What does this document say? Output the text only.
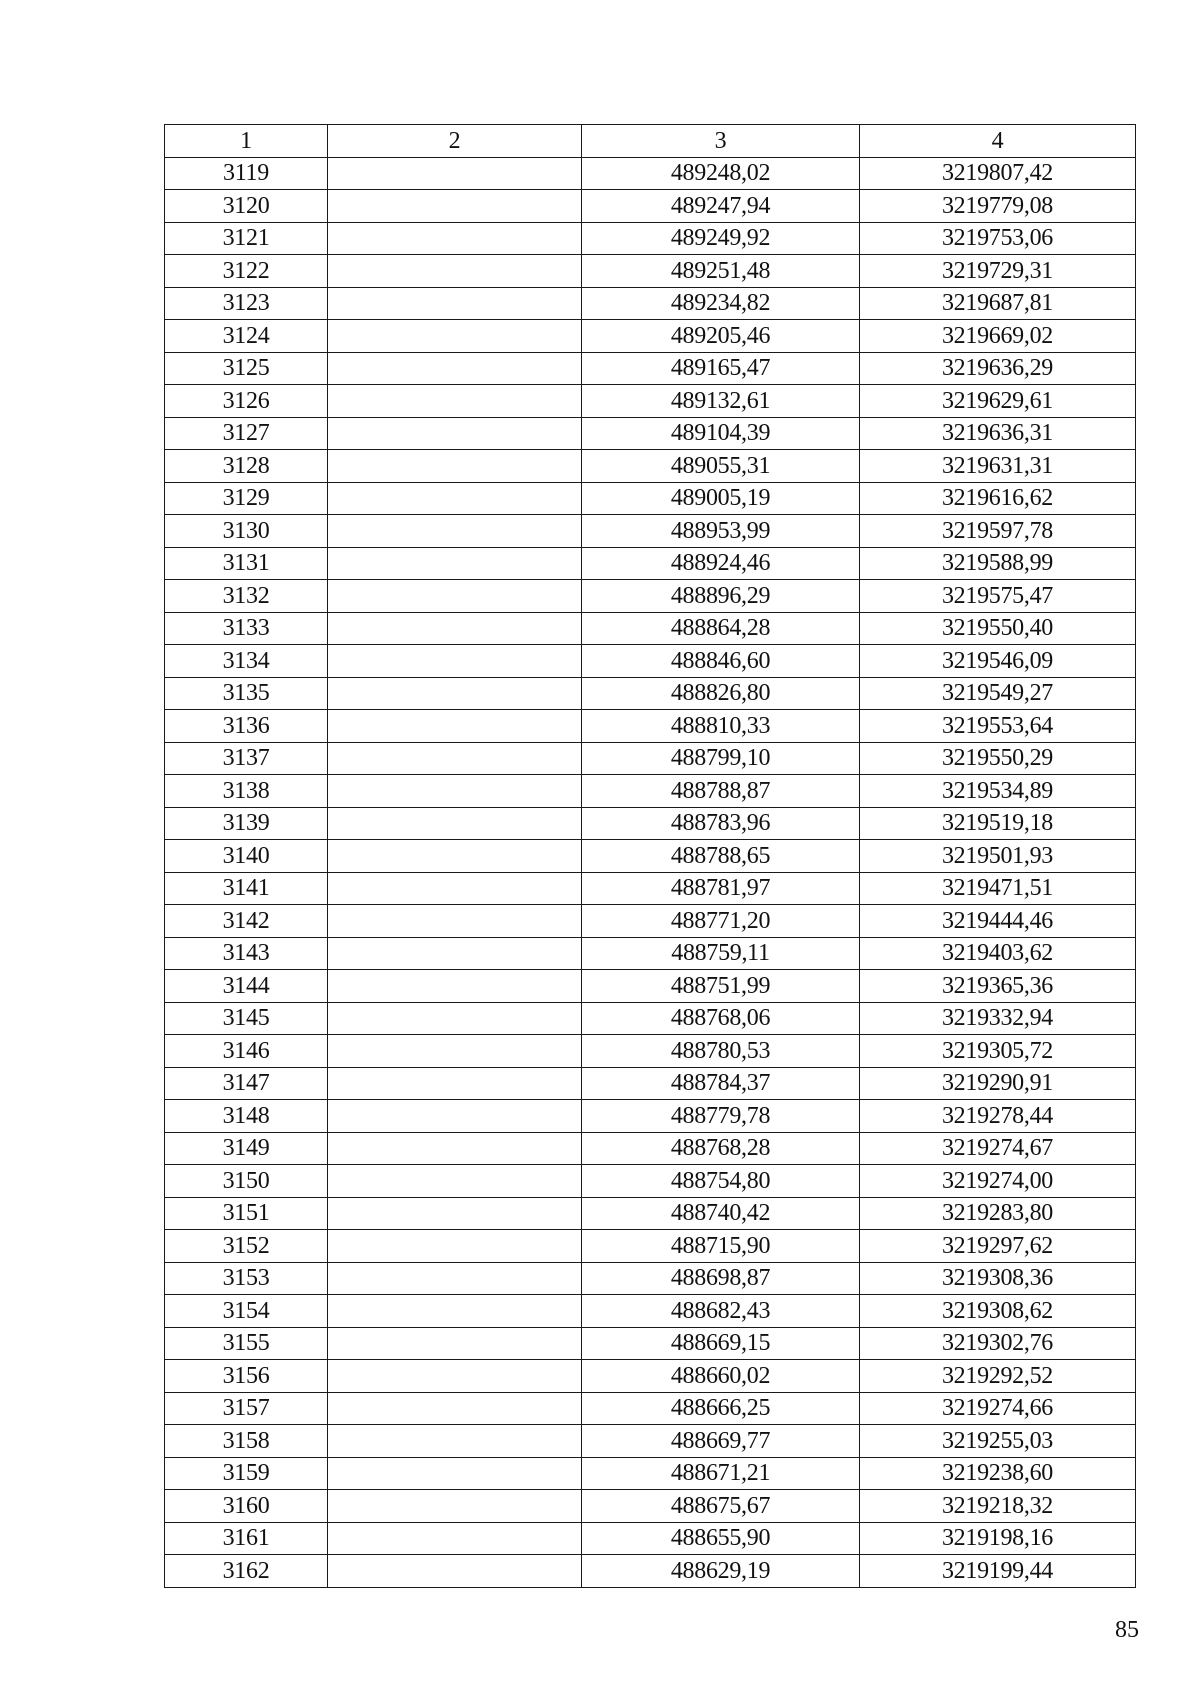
1	2	3	4
3119		489248,02	3219807,42
3120		489247,94	3219779,08
3121		489249,92	3219753,06
3122		489251,48	3219729,31
3123		489234,82	3219687,81
3124		489205,46	3219669,02
3125		489165,47	3219636,29
3126		489132,61	3219629,61
3127		489104,39	3219636,31
3128		489055,31	3219631,31
3129		489005,19	3219616,62
3130		488953,99	3219597,78
3131		488924,46	3219588,99
3132		488896,29	3219575,47
3133		488864,28	3219550,40
3134		488846,60	3219546,09
3135		488826,80	3219549,27
3136		488810,33	3219553,64
3137		488799,10	3219550,29
3138		488788,87	3219534,89
3139		488783,96	3219519,18
3140		488788,65	3219501,93
3141		488781,97	3219471,51
3142		488771,20	3219444,46
3143		488759,11	3219403,62
3144		488751,99	3219365,36
3145		488768,06	3219332,94
3146		488780,53	3219305,72
3147		488784,37	3219290,91
3148		488779,78	3219278,44
3149		488768,28	3219274,67
3150		488754,80	3219274,00
3151		488740,42	3219283,80
3152		488715,90	3219297,62
3153		488698,87	3219308,36
3154		488682,43	3219308,62
3155		488669,15	3219302,76
3156		488660,02	3219292,52
3157		488666,25	3219274,66
3158		488669,77	3219255,03
3159		488671,21	3219238,60
3160		488675,67	3219218,32
3161		488655,90	3219198,16
3162		488629,19	3219199,44
85
